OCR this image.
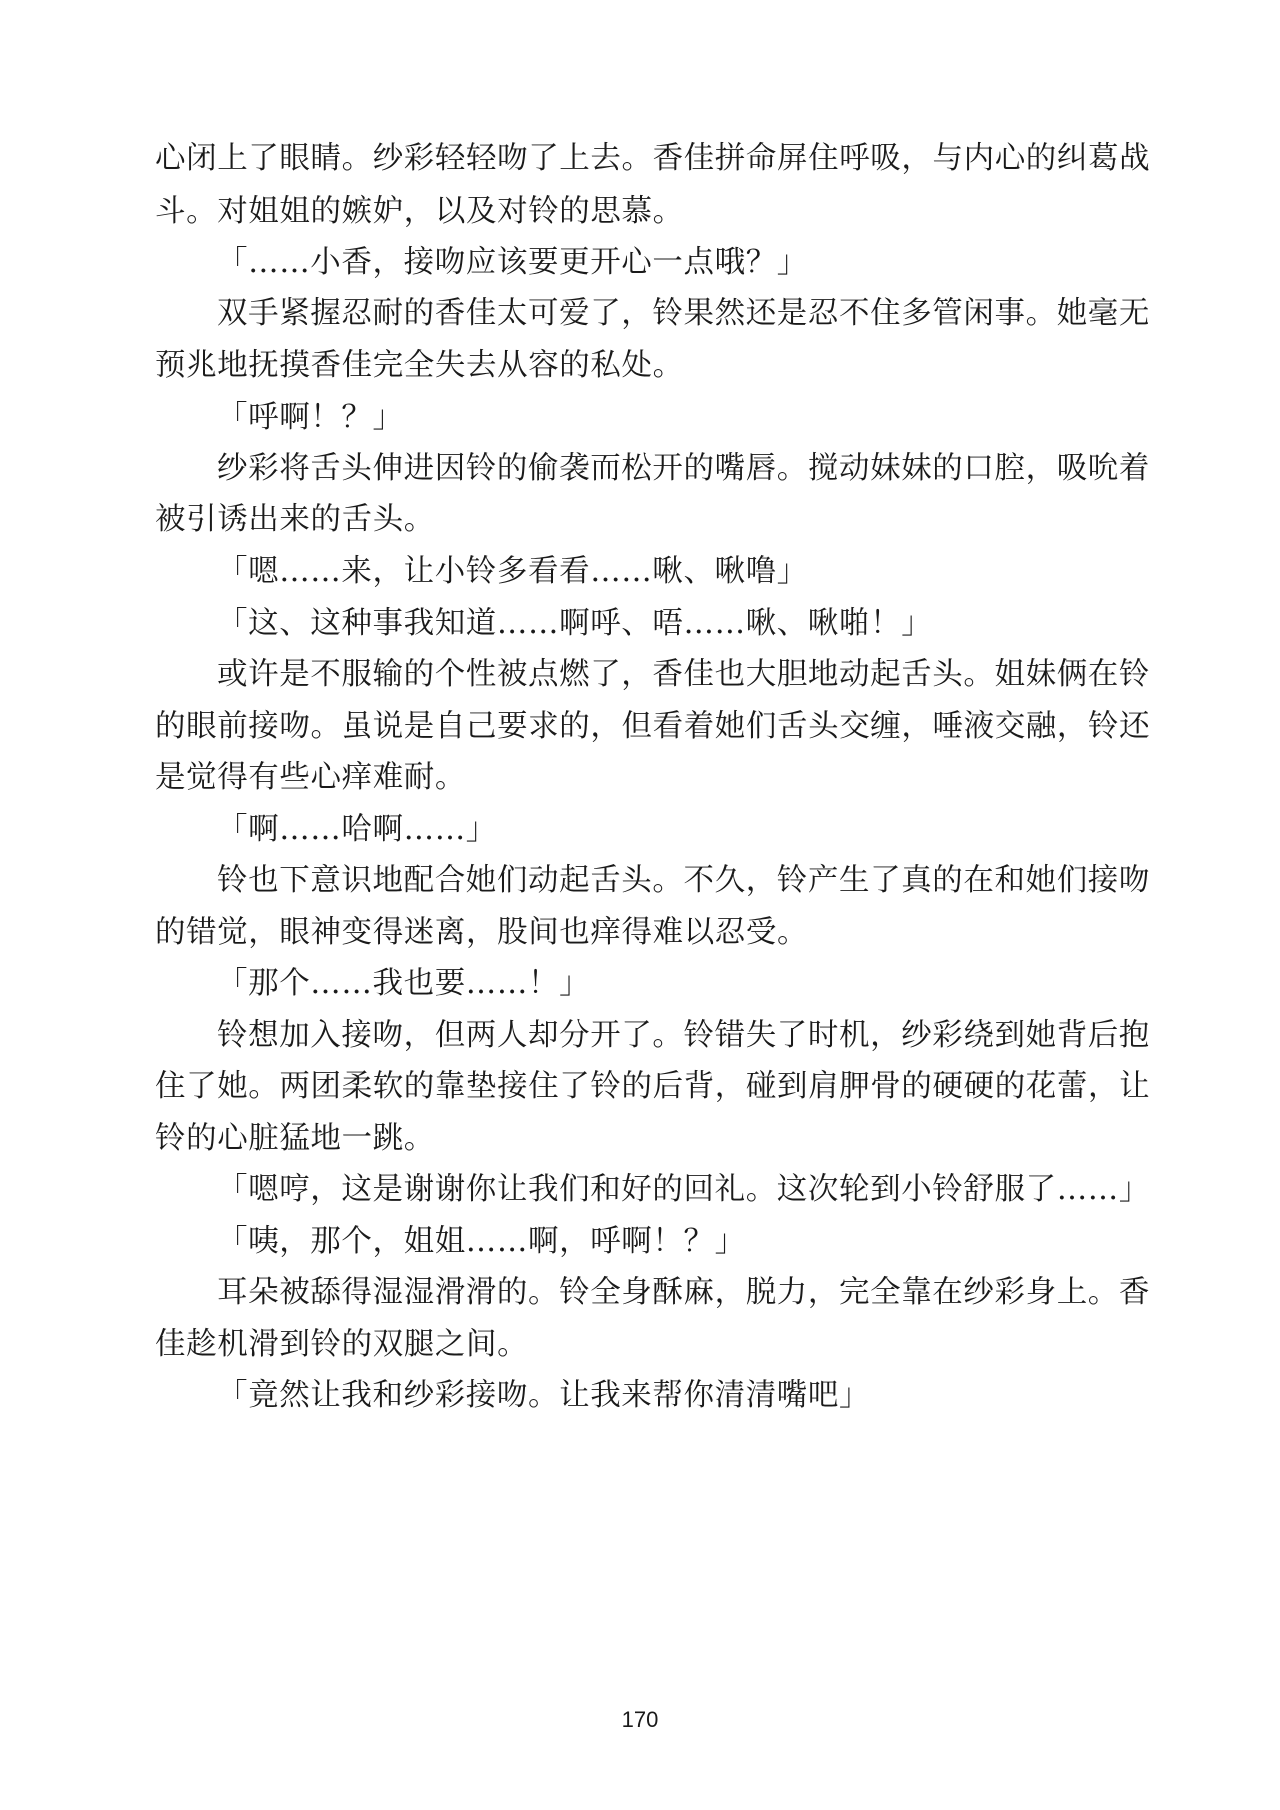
心闭上了眼睛。纱彩轻轻吻了上去。香佳拼命屏住呼吸，与内心的纠葛战
斗。对姐姐的嫉妒，以及对铃的思慕。
「……小香，接吻应该要更开心一点哦？」
双手紧握忍耐的香佳太可爱了，铃果然还是忍不住多管闲事。她毫无
预兆地抚摸香佳完全失去从容的私处。
「呼啊！？」
纱彩将舌头伸进因铃的偷袭而松开的嘴唇。搅动妹妹的口腔，吸吮着
被引诱出来的舌头。
「嗯……来，让小铃多看看……啾、啾噜」
「这、这种事我知道……啊呼、唔……啾、啾啪！」
或许是不服输的个性被点燃了，香佳也大胆地动起舌头。姐妹俩在铃
的眼前接吻。虽说是自己要求的，但看着她们舌头交缠，唾液交融，铃还
是觉得有些心痒难耐。
「啊……哈啊……」
铃也下意识地配合她们动起舌头。不久，铃产生了真的在和她们接吻
的错觉，眼神变得迷离，股间也痒得难以忍受。
「那个……我也要……！」
铃想加入接吻，但两人却分开了。铃错失了时机，纱彩绕到她背后抱
住了她。两团柔软的靠垫接住了铃的后背，碰到肩胛骨的硬硬的花蕾，让
铃的心脏猛地一跳。
「嗯哼，这是谢谢你让我们和好的回礼。这次轮到小铃舒服了……」
「咦，那个，姐姐……啊，呼啊！？」
耳朵被舔得湿湿滑滑的。铃全身酥麻，脱力，完全靠在纱彩身上。香
佳趁机滑到铃的双腿之间。
「竟然让我和纱彩接吻。让我来帮你清清嘴吧」
170
